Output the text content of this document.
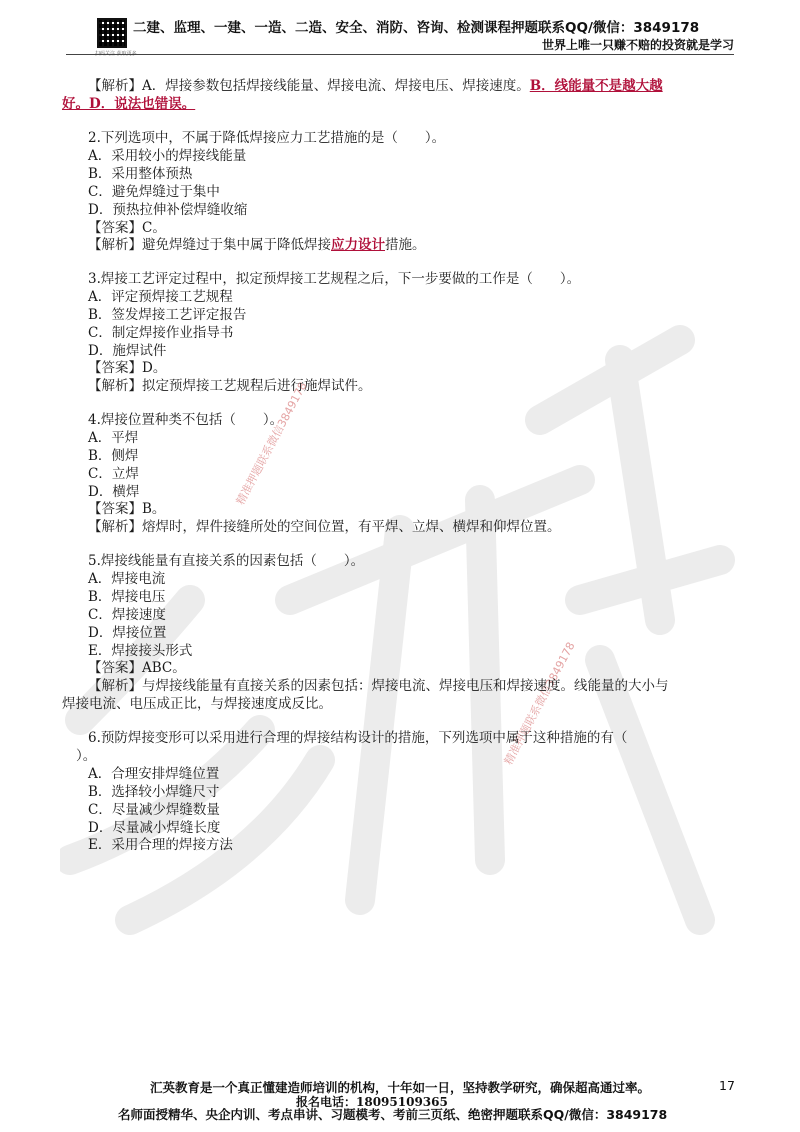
二建、监理、一建、一造、二造、安全、消防、咨询、检测课程押题联系QQ/微信：3849178
世界上唯一只赚不赔的投资就是学习
精准押题联系微信3849178
精准押题联系微信3849178
【解析】A．焊接参数包括焊接线能量、焊接电流、焊接电压、焊接速度。B．线能量不是越大越
好。D．说法也错误。
2.下列选项中，不属于降低焊接应力工艺措施的是（　　）。
A．采用较小的焊接线能量
B．采用整体预热
C．避免焊缝过于集中
D．预热拉伸补偿焊缝收缩
【答案】C。
【解析】避免焊缝过于集中属于降低焊接应力设计措施。
3.焊接工艺评定过程中，拟定预焊接工艺规程之后，下一步要做的工作是（　　）。
A．评定预焊接工艺规程
B．签发焊接工艺评定报告
C．制定焊接作业指导书
D．施焊试件
【答案】D。
【解析】拟定预焊接工艺规程后进行施焊试件。
4.焊接位置种类不包括（　　）。
A．平焊
B．侧焊
C．立焊
D．横焊
【答案】B。
【解析】熔焊时，焊件接缝所处的空间位置，有平焊、立焊、横焊和仰焊位置。
5.焊接线能量有直接关系的因素包括（　　）。
A．焊接电流
B．焊接电压
C．焊接速度
D．焊接位置
E．焊接接头形式
【答案】ABC。
【解析】与焊接线能量有直接关系的因素包括：焊接电流、焊接电压和焊接速度。线能量的大小与
焊接电流、电压成正比，与焊接速度成反比。
6.预防焊接变形可以采用进行合理的焊接结构设计的措施，下列选项中属于这种措施的有（
）。
A．合理安排焊缝位置
B．选择较小焊缝尺寸
C．尽量减少焊缝数量
D．尽量减小焊缝长度
E．采用合理的焊接方法
汇英教育是一个真正懂建造师培训的机构，十年如一日，坚持教学研究，确保超高通过率。	17
报名电话：18095109365
名师面授精华、央企内训、考点串讲、习题模考、考前三页纸、绝密押题联系QQ/微信：3849178
